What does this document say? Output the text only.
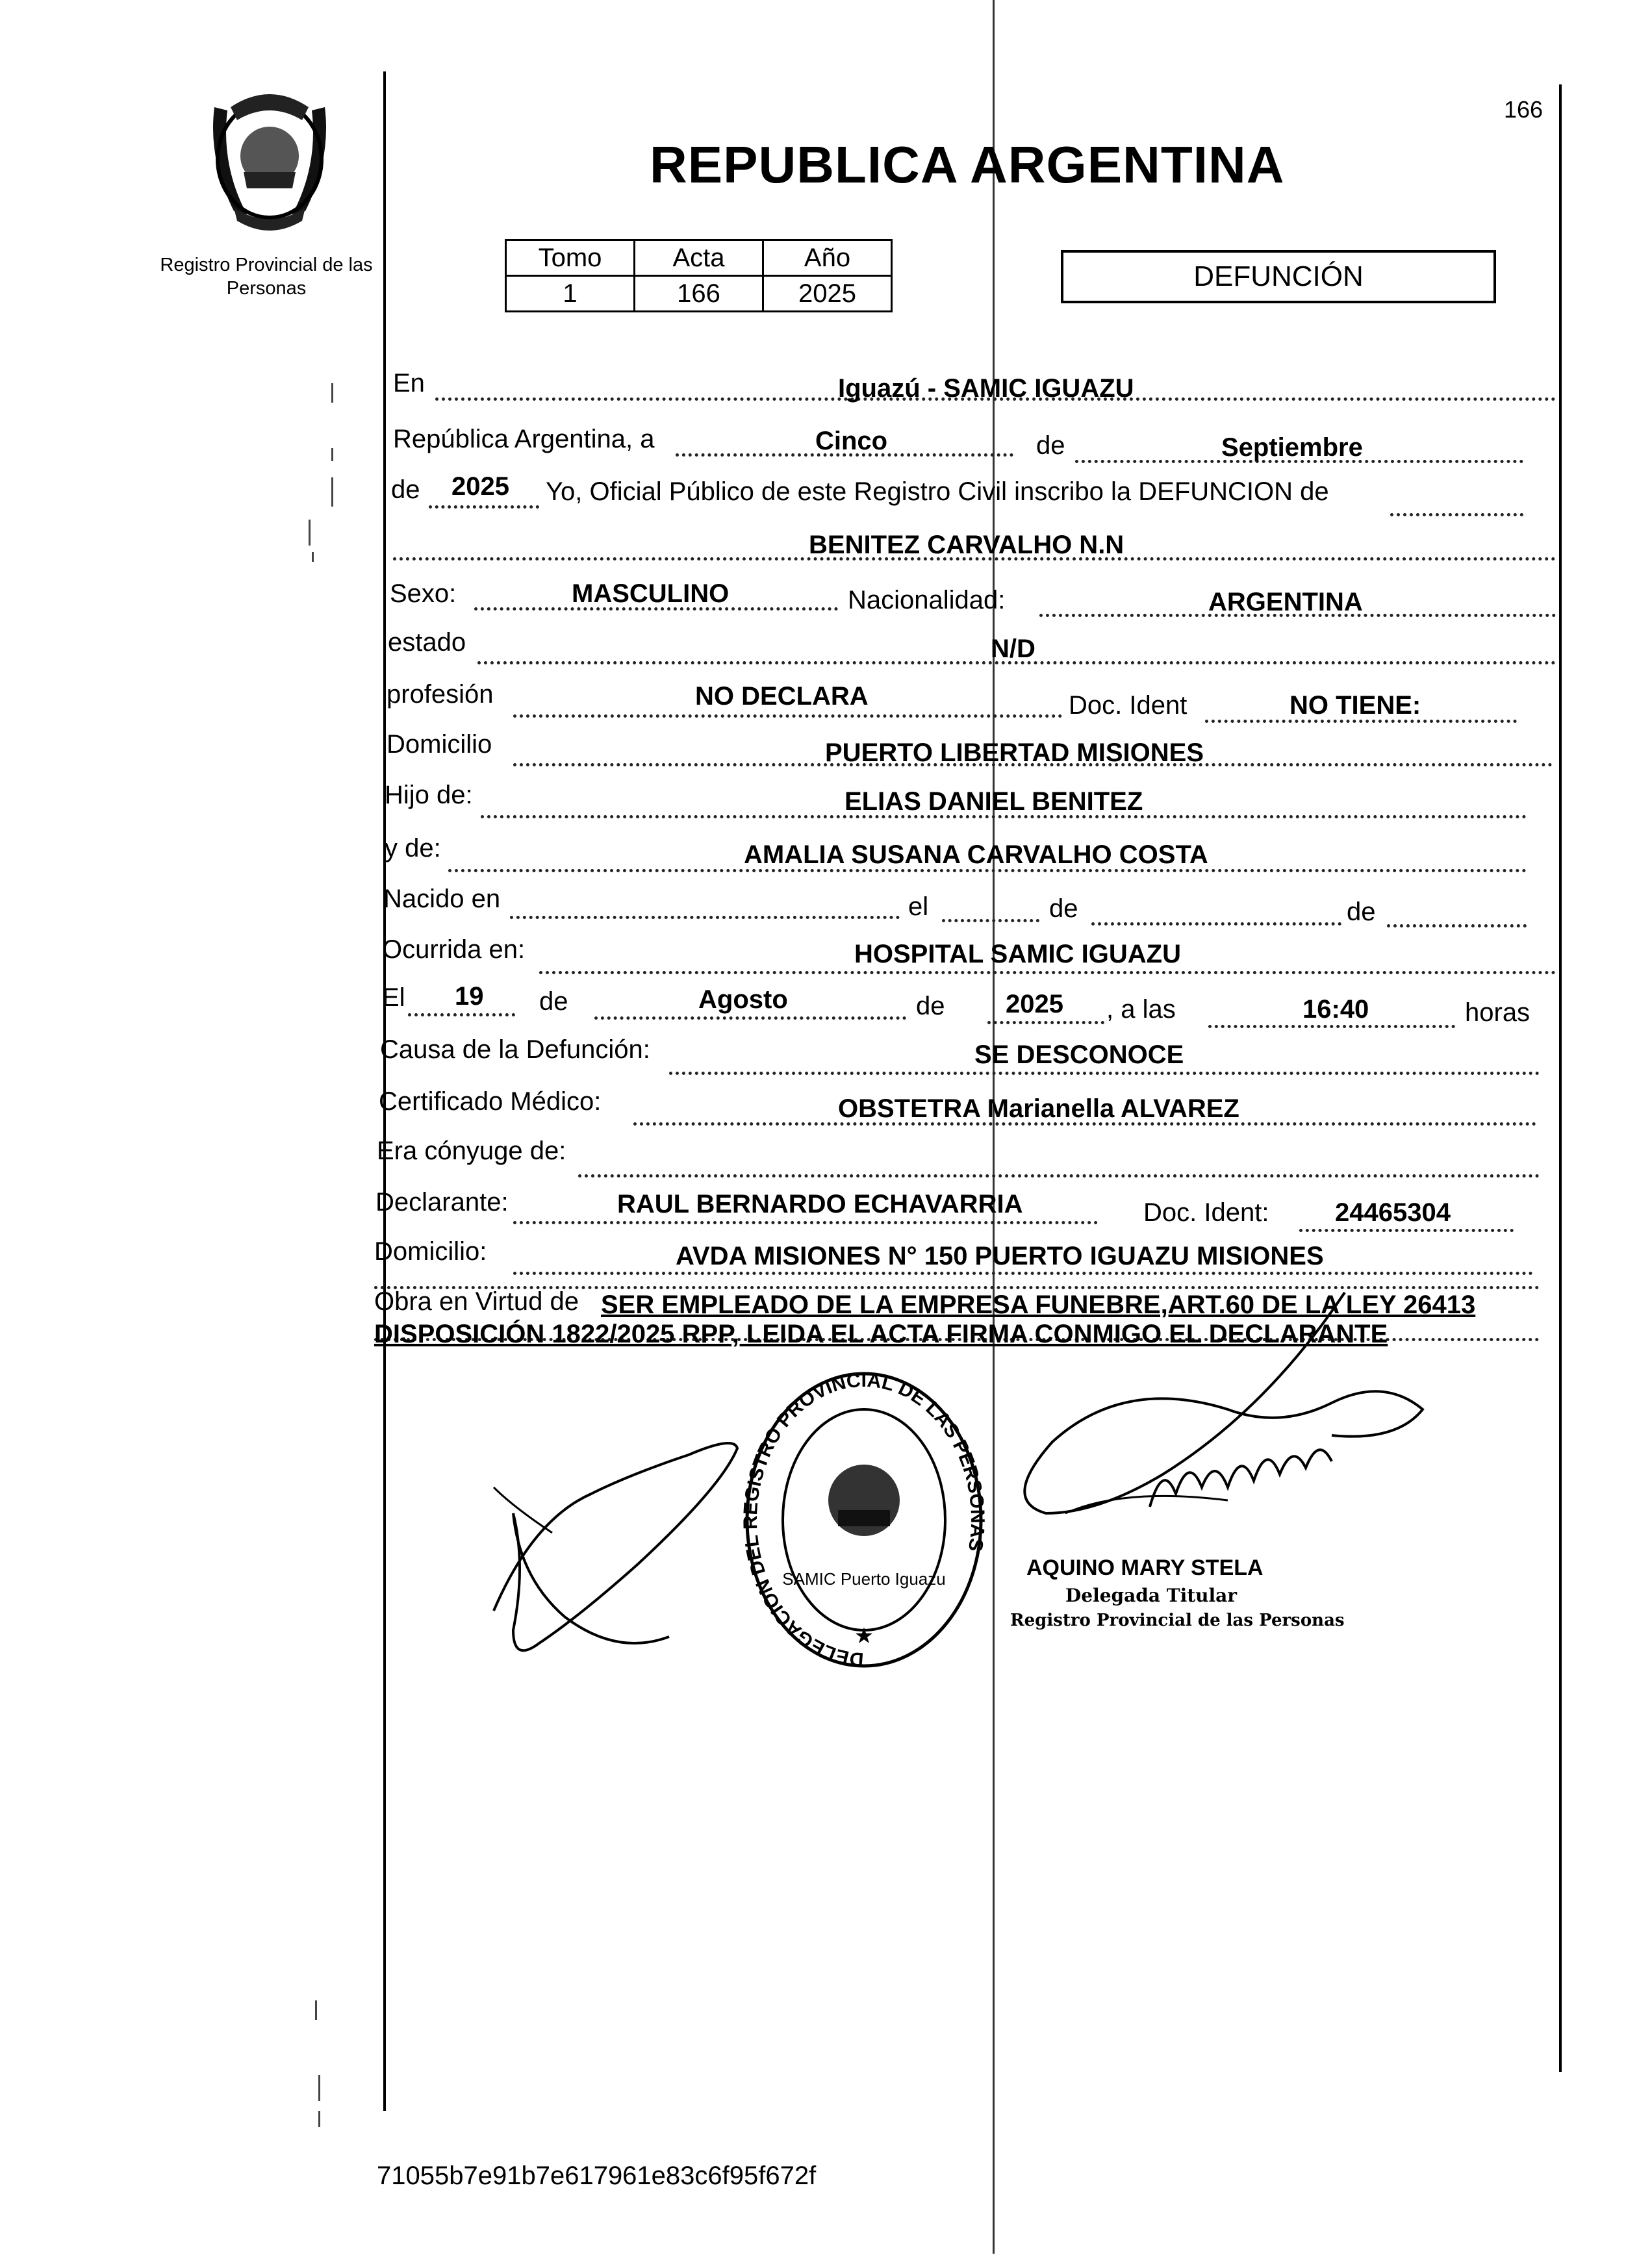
Registro Provincial de las Personas
166
REPUBLICA ARGENTINA
Tomo	Acta	Año
1	166	2025
DEFUNCIÓN
En	Iguazú - SAMIC IGUAZU
República Argentina, a	Cinco	de	Septiembre
de 2025 Yo, Oficial Público de este Registro Civil inscribo la DEFUNCION de
BENITEZ CARVALHO N.N
Sexo:	MASCULINO	Nacionalidad:	ARGENTINA
estado	N/D
profesión	NO DECLARA	Doc. Ident	NO TIENE:
Domicilio	PUERTO LIBERTAD MISIONES
Hijo de:	ELIAS DANIEL BENITEZ
y de:	AMALIA SUSANA CARVALHO COSTA
Nacido en	el	de	de
Ocurrida en:	HOSPITAL SAMIC IGUAZU
El 19 de	Agosto	de 2025 , a las	16:40	horas
Causa de la Defunción:	SE DESCONOCE
Certificado Médico:	OBSTETRA Marianella ALVAREZ
Era cónyuge de:
Declarante:	RAUL BERNARDO ECHAVARRIA	Doc. Ident:	24465304
Domicilio:	AVDA MISIONES N° 150 PUERTO IGUAZU MISIONES
Obra en Virtud de SER EMPLEADO DE LA EMPRESA FUNEBRE,ART.60 DE LA LEY 26413
DISPOSICIÓN 1822/2025 RPP, LEIDA EL ACTA FIRMA CONMIGO EL DECLARANTE
DELEGACION DEL REGISTRO PROVINCIAL DE LAS PERSONAS
SAMIC Puerto Iguazu
★
AQUINO MARY STELA
Delegada Titular
Registro Provincial de las Personas
71055b7e91b7e617961e83c6f95f672f
